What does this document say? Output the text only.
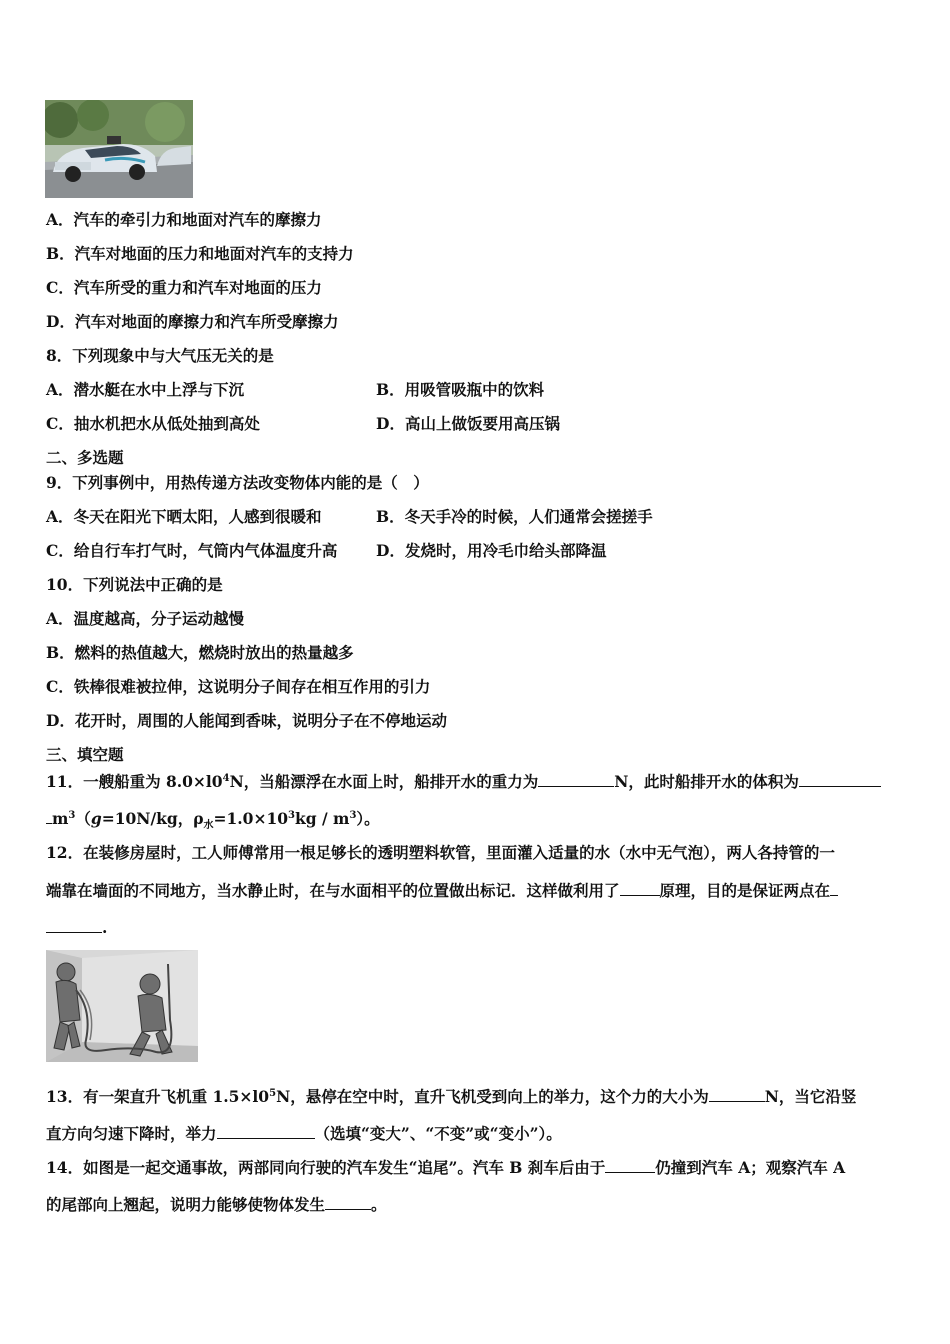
A．汽车的牵引力和地面对汽车的摩擦力
B．汽车对地面的压力和地面对汽车的支持力
C．汽车所受的重力和汽车对地面的压力
D．汽车对地面的摩擦力和汽车所受摩擦力
8．下列现象中与大气压无关的是
A．潜水艇在水中上浮与下沉	B．用吸管吸瓶中的饮料
C．抽水机把水从低处抽到高处	D．高山上做饭要用高压锅
二、多选题
9．下列事例中，用热传递方法改变物体内能的是（　）
A．冬天在阳光下晒太阳，人感到很暖和	B．冬天手冷的时候，人们通常会搓搓手
C．给自行车打气时，气筒内气体温度升高 D．发烧时，用冷毛巾给头部降温
10．下列说法中正确的是
A．温度越高，分子运动越慢
B．燃料的热值越大，燃烧时放出的热量越多
C．铁棒很难被拉伸，这说明分子间存在相互作用的引力
D．花开时，周围的人能闻到香味，说明分子在不停地运动
三、填空题
11．一艘船重为 $8.0\times l0^4N$，当船漂浮在水面上时，船排开水的重力为	N，此时船排开水的体积为
$m^3(g=10N/kg$，$\rho_水=1.0\times 10^3kg / m^3$）。
12．在装修房屋时，工人师傅常用一根足够长的透明塑料软管，里面灌入适量的水（水中无气泡），两人各持管的一
端靠在墙面的不同地方，当水静止时，在与水面相平的位置做出标记．这样做利用了	原理，目的是保证两点在
.
13．有一架直升飞机重 $1.5\times l0^5N$，悬停在空中时，直升飞机受到向上的举力，这个力的大小为	N，当它沿竖
直方向匀速下降时，举力	（选填“变大”、“不变”或“变小”）。
14．如图是一起交通事故，两部同向行驶的汽车发生“追尾”。汽车 B 刹车后由于	仍撞到汽车 A；观察汽车 A
的尾部向上翘起，说明力能够使物体发生	。
